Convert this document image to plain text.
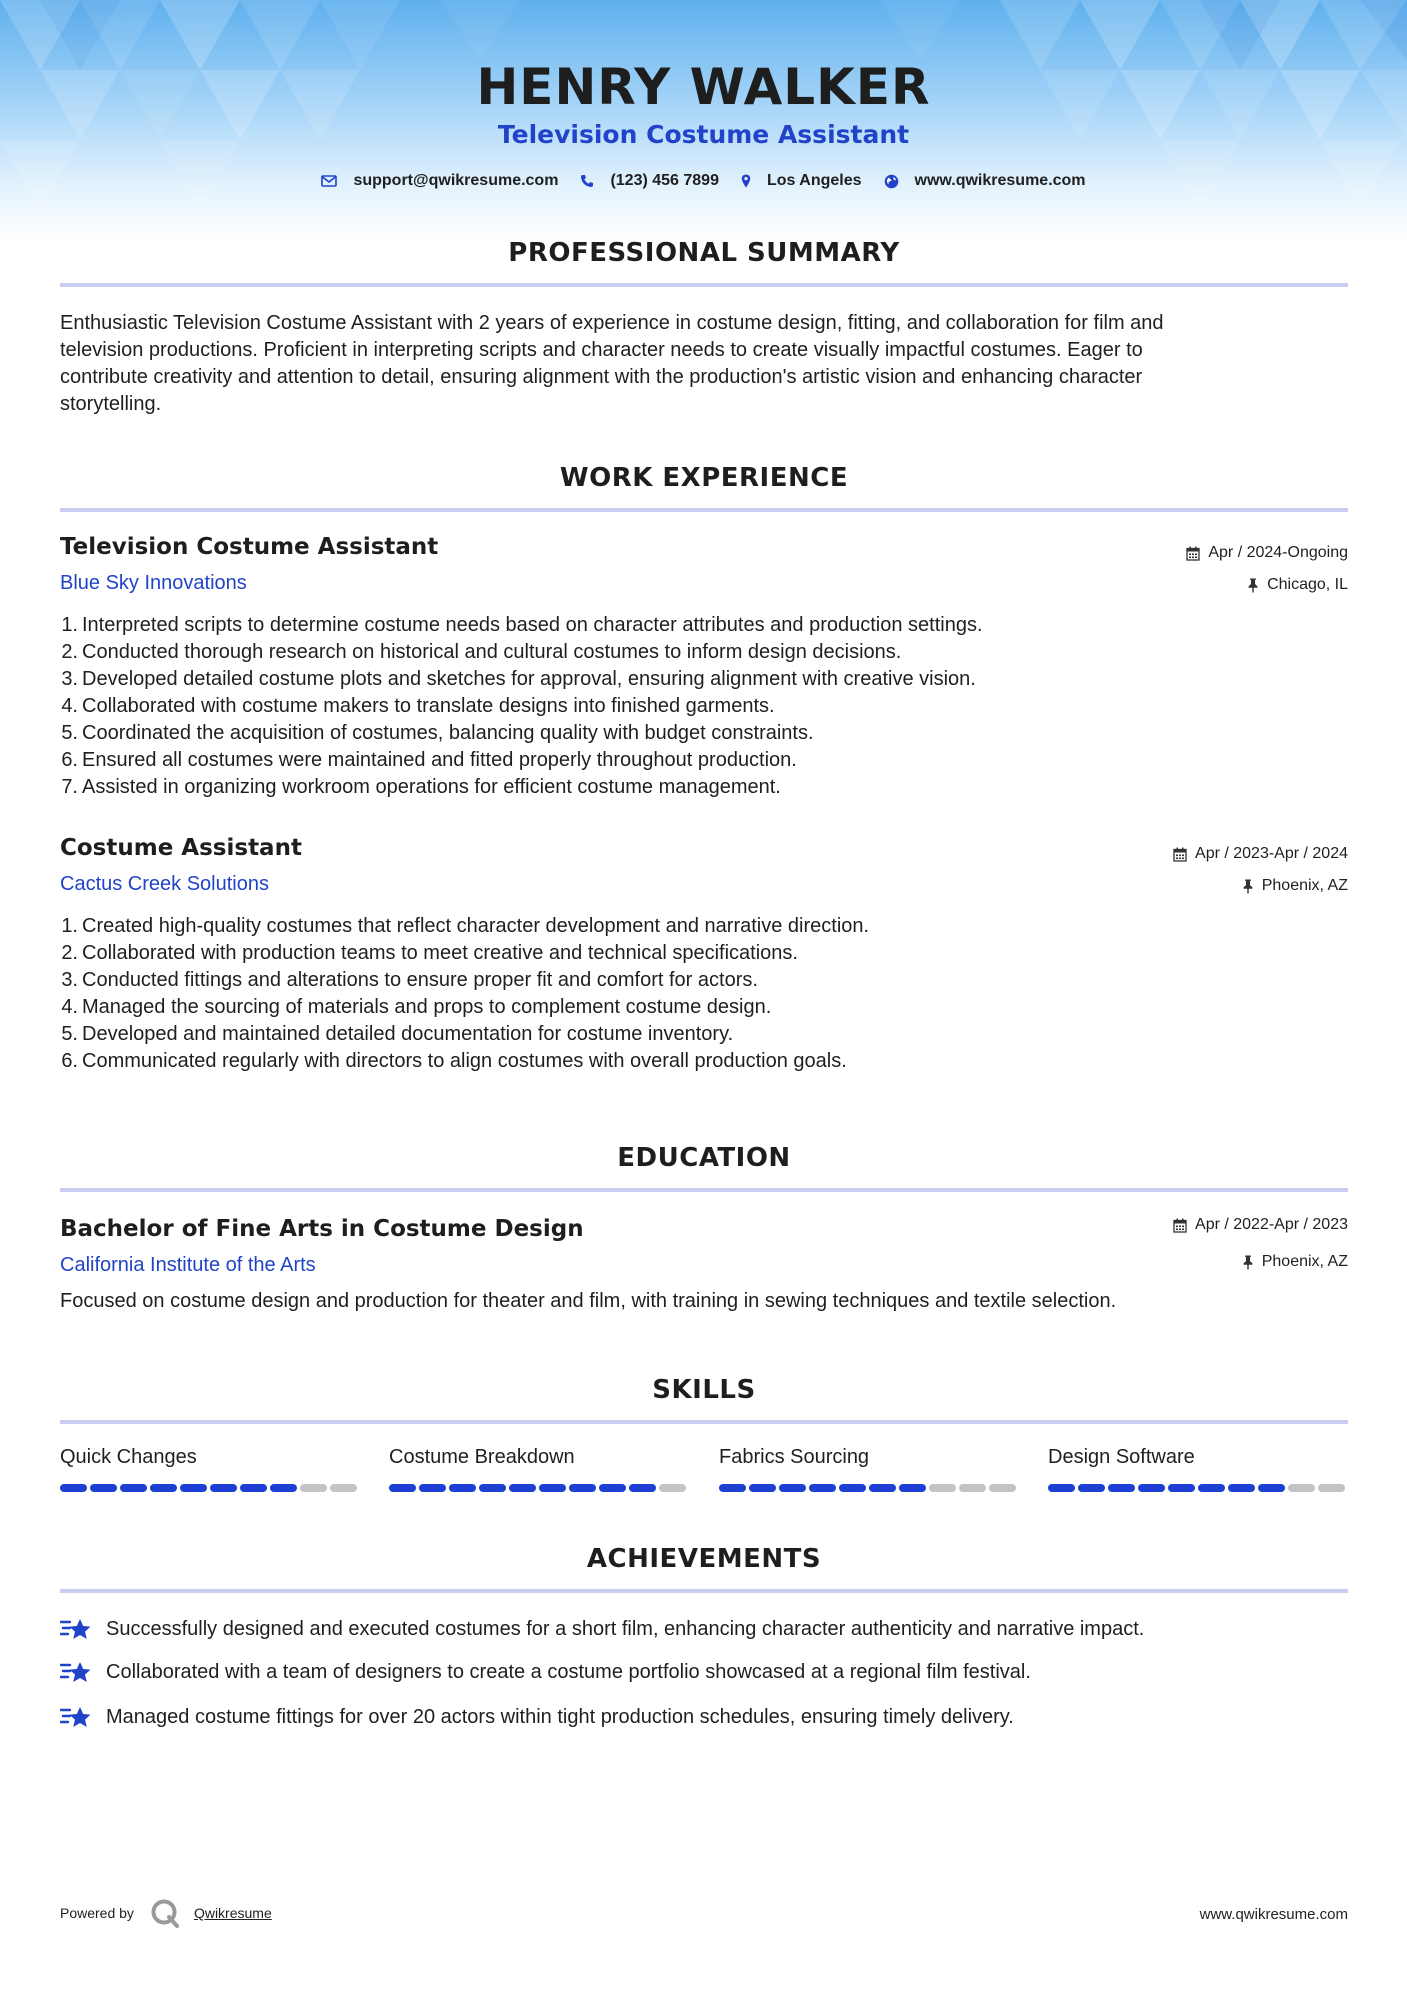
HENRY WALKER
Television Costume Assistant
support@qwikresume.com	(123) 456 7899	Los Angeles	www.qwikresume.com
PROFESSIONAL SUMMARY
Enthusiastic Television Costume Assistant with 2 years of experience in costume design, fitting, and collaboration for film and
television productions. Proficient in interpreting scripts and character needs to create visually impactful costumes. Eager to
contribute creativity and attention to detail, ensuring alignment with the production's artistic vision and enhancing character
storytelling.
WORK EXPERIENCE
Television Costume Assistant
Blue Sky Innovations
Apr / 2024-Ongoing
Chicago, IL
1. Interpreted scripts to determine costume needs based on character attributes and production settings.
2. Conducted thorough research on historical and cultural costumes to inform design decisions.
3. Developed detailed costume plots and sketches for approval, ensuring alignment with creative vision.
4. Collaborated with costume makers to translate designs into finished garments.
5. Coordinated the acquisition of costumes, balancing quality with budget constraints.
6. Ensured all costumes were maintained and fitted properly throughout production.
7. Assisted in organizing workroom operations for efficient costume management.
Costume Assistant
Cactus Creek Solutions
Apr / 2023-Apr / 2024
Phoenix, AZ
1. Created high-quality costumes that reflect character development and narrative direction.
2. Collaborated with production teams to meet creative and technical specifications.
3. Conducted fittings and alterations to ensure proper fit and comfort for actors.
4. Managed the sourcing of materials and props to complement costume design.
5. Developed and maintained detailed documentation for costume inventory.
6. Communicated regularly with directors to align costumes with overall production goals.
EDUCATION
Bachelor of Fine Arts in Costume Design
California Institute of the Arts
Apr / 2022-Apr / 2023
Phoenix, AZ
Focused on costume design and production for theater and film, with training in sewing techniques and textile selection.
SKILLS
Quick Changes	Costume Breakdown	Fabrics Sourcing	Design Software
ACHIEVEMENTS
Successfully designed and executed costumes for a short film, enhancing character authenticity and narrative impact.
Collaborated with a team of designers to create a costume portfolio showcased at a regional film festival.
Managed costume fittings for over 20 actors within tight production schedules, ensuring timely delivery.
Powered by	Qwikresume	www.qwikresume.com
